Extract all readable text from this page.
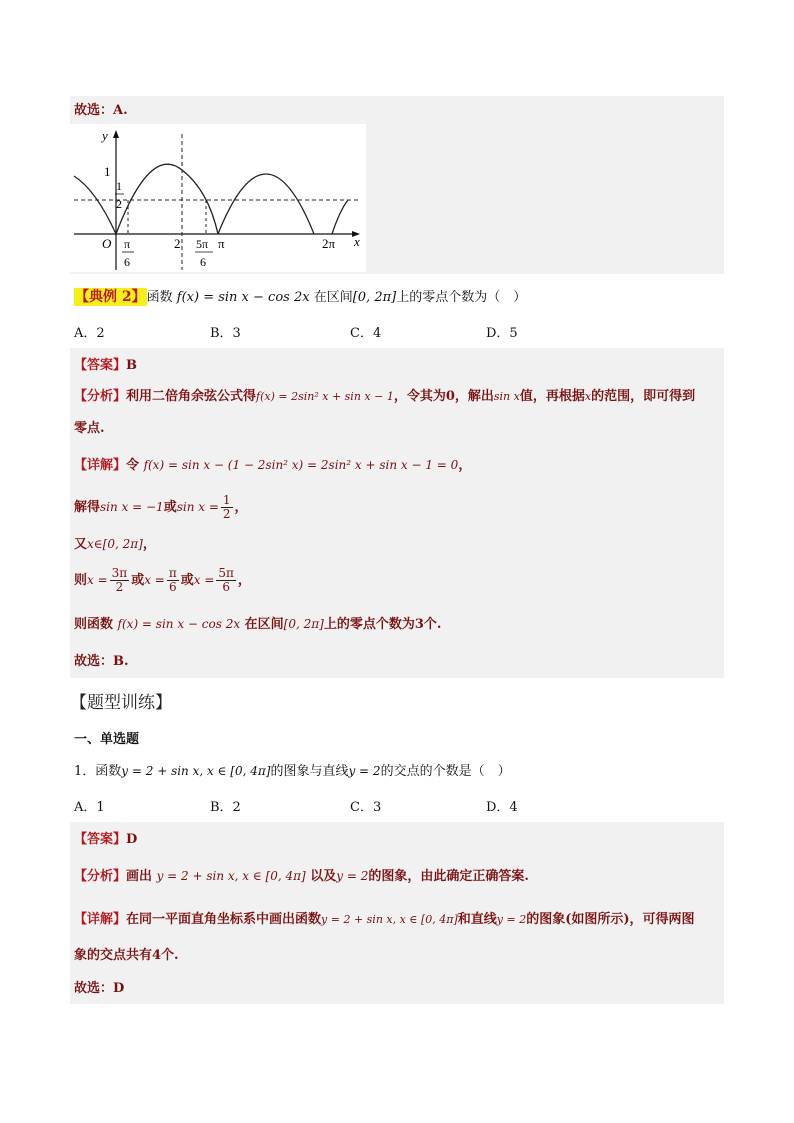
故选：A.
y
x
O
1
1
2
π
6
2 5π
6
π	2π
【典例 2】函数 f(x) = sin x − cos 2x 在区间[0, 2π]上的零点个数为（　）
A．2	B．3	C．4	D．5
【答案】B
【分析】利用二倍角余弦公式得f(x) = 2sin² x + sin x − 1，令其为0，解出sin x值，再根据x的范围，即可得到
零点.
【详解】令 f(x) = sin x − (1 − 2sin² x) = 2sin² x + sin x − 1 = 0，
解得sin x = −1或$\sin x = \frac{1}{2}$ ，
又x∈[0, 2π]，
则$x = \frac{3\pi}{2}$ 或$x = \frac{\pi}{6}$ 或$x = \frac{5\pi}{6}$ ，
则函数 f(x) = sin x − cos 2x 在区间[0, 2π]上的零点个数为3个.
故选：B.
【题型训练】
一、单选题
1．函数y = 2 + sin x, x ∈ [0, 4π]的图象与直线y = 2的交点的个数是（　）
A．1	B．2	C．3	D．4
【答案】D
【分析】画出 y = 2 + sin x, x ∈ [0, 4π] 以及y = 2的图象，由此确定正确答案.
【详解】在同一平面直角坐标系中画出函数y = 2 + sin x, x ∈ [0, 4π]和直线y = 2的图象(如图所示)，可得两图
象的交点共有4个.
故选：D
